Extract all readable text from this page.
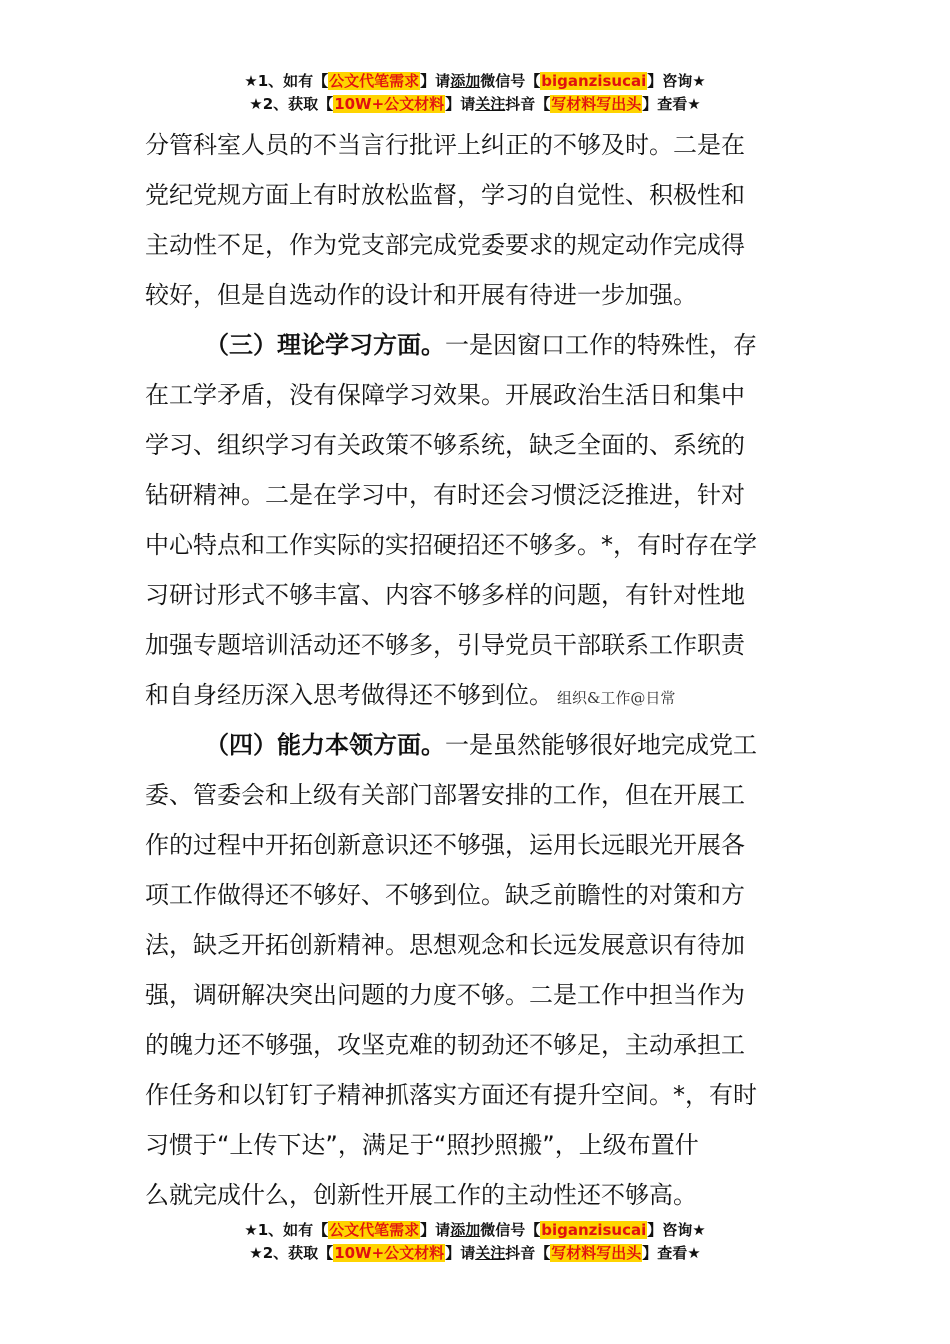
★1、如有【公文代笔需求】请添加微信号【biganzisucai】咨询★
★2、获取【10W+公文材料】请关注抖音【写材料写出头】查看★
分管科室人员的不当言行批评上纠正的不够及时。二是在
党纪党规方面上有时放松监督，学习的自觉性、积极性和
主动性不足，作为党支部完成党委要求的规定动作完成得
较好，但是自选动作的设计和开展有待进一步加强。
（三）理论学习方面。一是因窗口工作的特殊性，存
在工学矛盾，没有保障学习效果。开展政治生活日和集中
学习、组织学习有关政策不够系统，缺乏全面的、系统的
钻研精神。二是在学习中，有时还会习惯泛泛推进，针对
中心特点和工作实际的实招硬招还不够多。*，有时存在学
习研讨形式不够丰富、内容不够多样的问题，有针对性地
加强专题培训活动还不够多，引导党员干部联系工作职责
和自身经历深入思考做得还不够到位。 组织&工作@日常
（四）能力本领方面。一是虽然能够很好地完成党工
委、管委会和上级有关部门部署安排的工作，但在开展工
作的过程中开拓创新意识还不够强，运用长远眼光开展各
项工作做得还不够好、不够到位。缺乏前瞻性的对策和方
法，缺乏开拓创新精神。思想观念和长远发展意识有待加
强，调研解决突出问题的力度不够。二是工作中担当作为
的魄力还不够强，攻坚克难的韧劲还不够足，主动承担工
作任务和以钉钉子精神抓落实方面还有提升空间。*，有时
习惯于“上传下达”，满足于“照抄照搬”，上级布置什
么就完成什么，创新性开展工作的主动性还不够高。
★1、如有【公文代笔需求】请添加微信号【biganzisucai】咨询★
★2、获取【10W+公文材料】请关注抖音【写材料写出头】查看★
